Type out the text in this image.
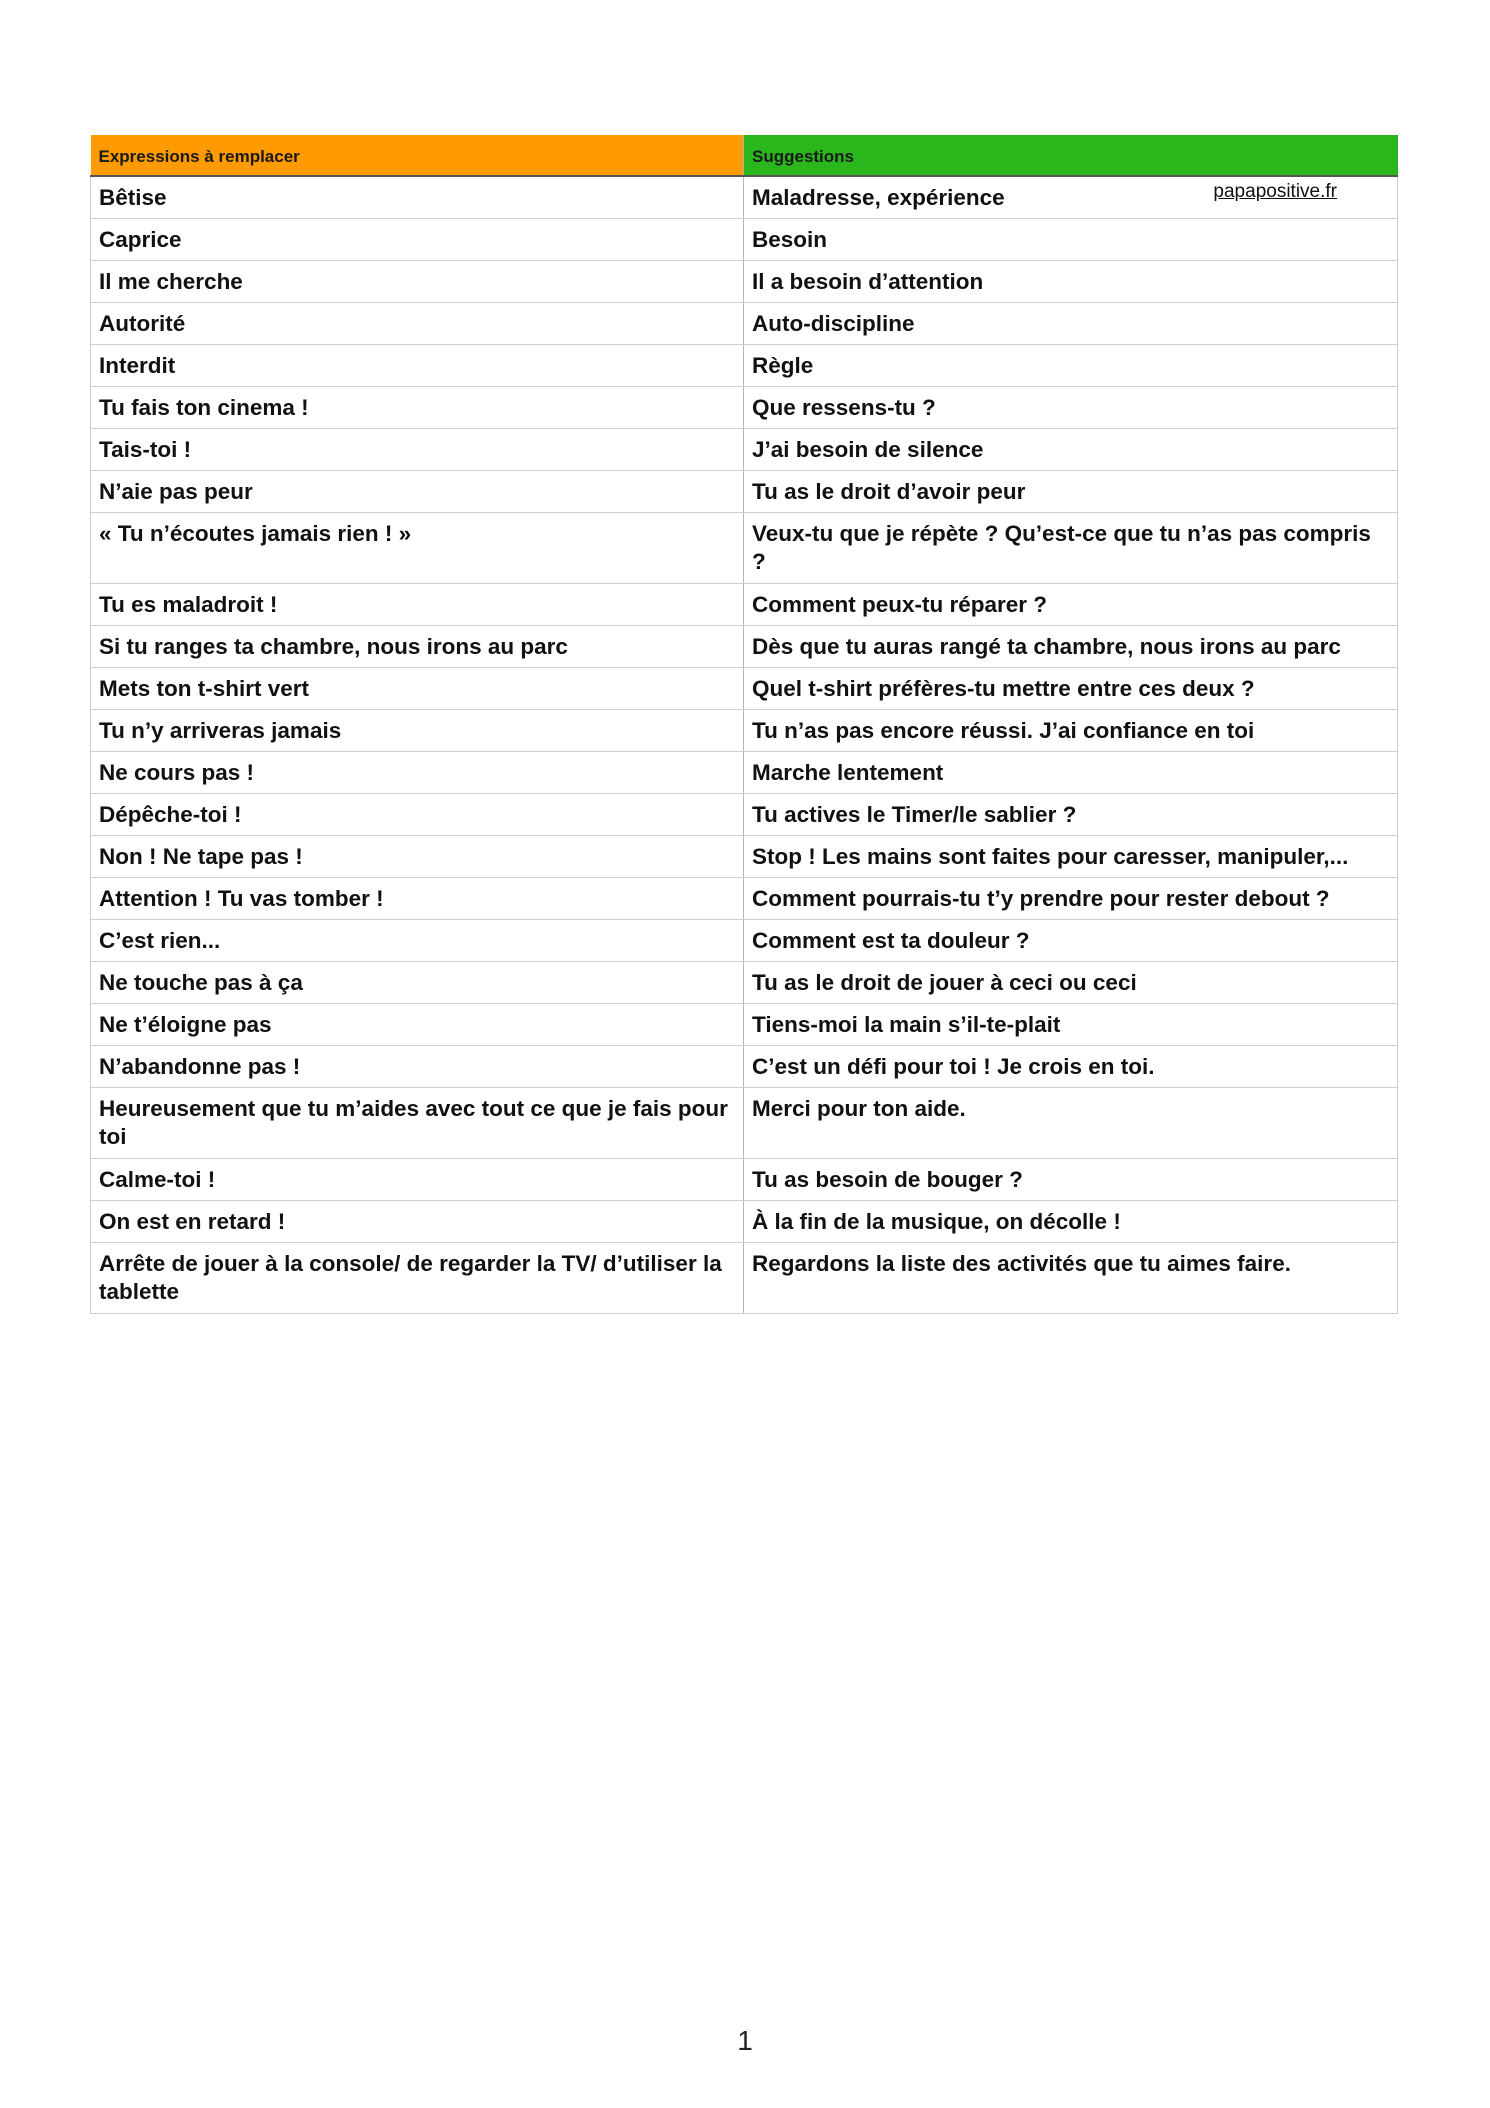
Expressions à remplacer	Suggestions
Bêtise	Maladresse, expérience papapositive.fr

Caprice	Besoin
Il me cherche	Il a besoin d’attention
Autorité	Auto-discipline
Interdit	Règle
Tu fais ton cinema !	Que ressens-tu ?
Tais-toi !	J’ai besoin de silence
N’aie pas peur	Tu as le droit d’avoir peur
« Tu n’écoutes jamais rien ! »	Veux-tu que je répète ? Qu’est-ce que tu n’as pas compris ?
Tu es maladroit !	Comment peux-tu réparer ?
Si tu ranges ta chambre, nous irons au parc	Dès que tu auras rangé ta chambre, nous irons au parc
Mets ton t-shirt vert	Quel t-shirt préfères-tu mettre entre ces deux ?
Tu n’y arriveras jamais	Tu n’as pas encore réussi. J’ai confiance en toi
Ne cours pas !	Marche lentement
Dépêche-toi !	Tu actives le Timer/le sablier ?
Non ! Ne tape pas !	Stop ! Les mains sont faites pour caresser, manipuler,...
Attention ! Tu vas tomber !	Comment pourrais-tu t’y prendre pour rester debout ?
C’est rien...	Comment est ta douleur ?
Ne touche pas à ça	Tu as le droit de jouer à ceci ou ceci
Ne t’éloigne pas	Tiens-moi la main s’il-te-plait
N’abandonne pas !	C’est un défi pour toi ! Je crois en toi.
Heureusement que tu m’aides avec tout ce que je fais pour toi	Merci pour ton aide.
Calme-toi !	Tu as besoin de bouger ?
On est en retard !	À la fin de la musique, on décolle !
Arrête de jouer à la console/ de regarder la TV/ d’utiliser la tablette	Regardons la liste des activités que tu aimes faire.
1
